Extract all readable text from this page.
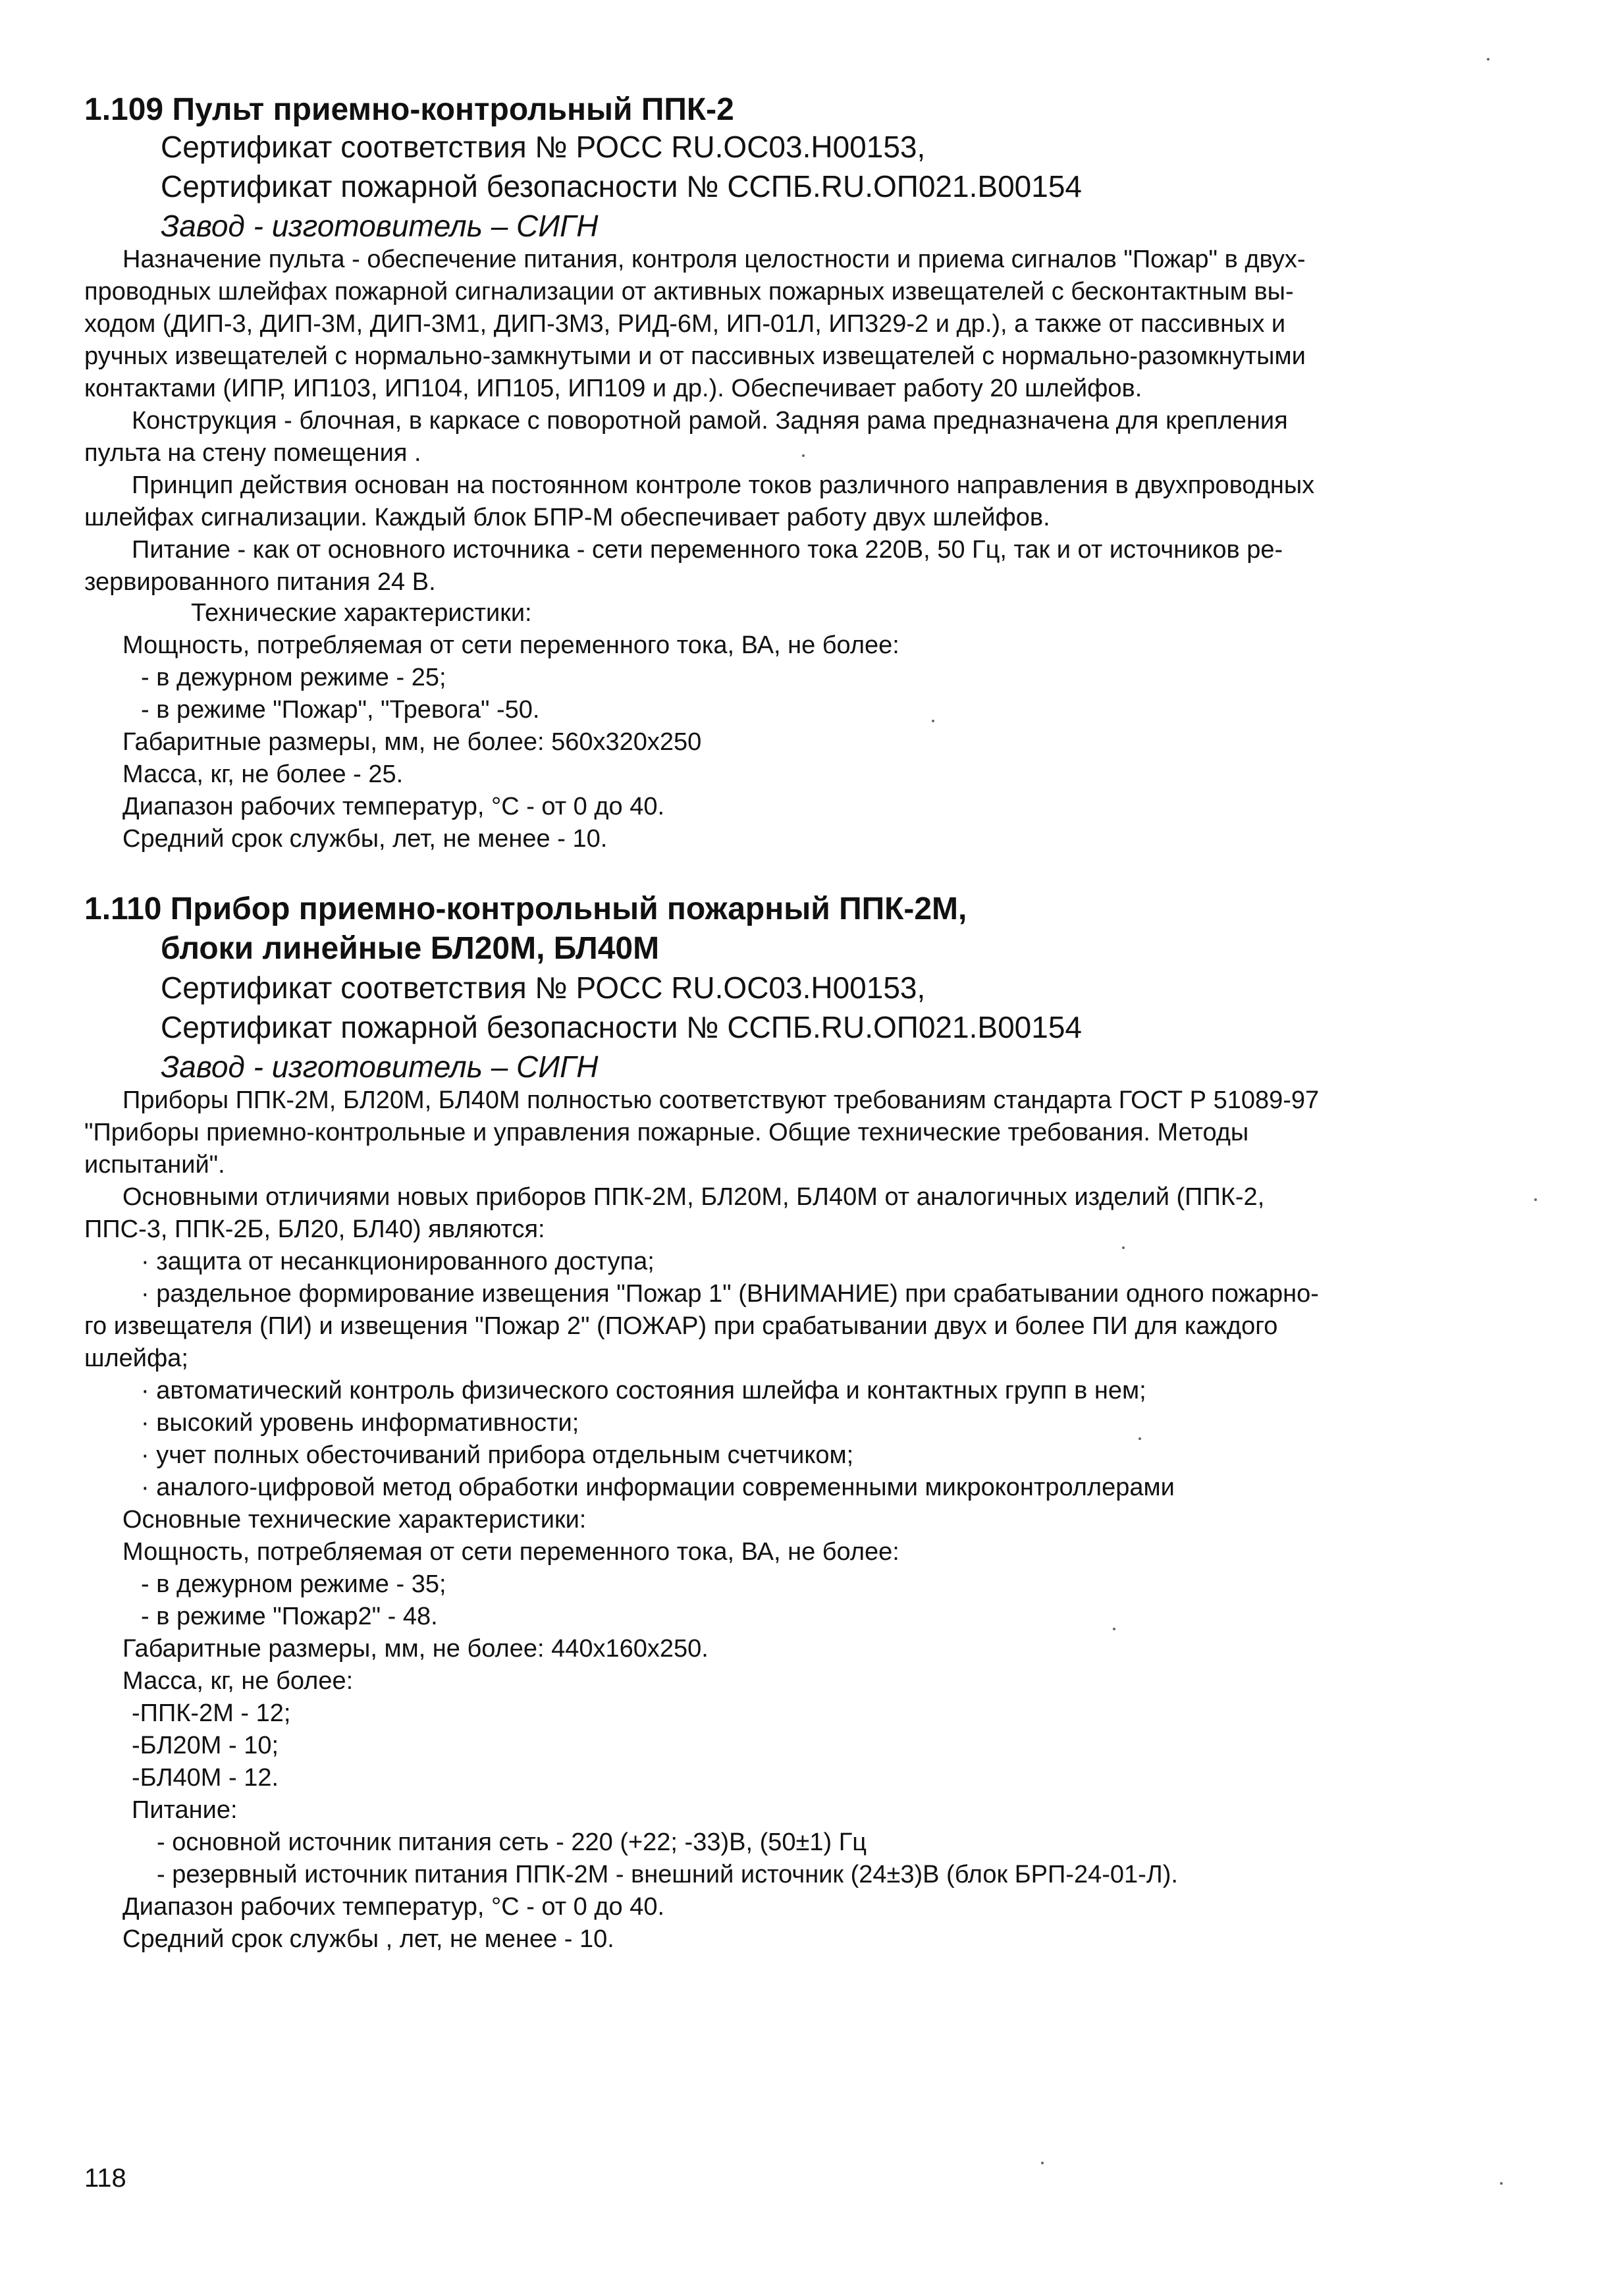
1.109 Пульт приемно-контрольный ППК-2
Сертификат соответствия № РОСС RU.OC03.H00153,
Сертификат пожарной безопасности № ССПБ.RU.ОП021.В00154
Завод - изготовитель – СИГН
Назначение пульта - обеспечение питания, контроля целостности и приема сигналов "Пожар" в двух-
проводных шлейфах пожарной сигнализации от активных пожарных извещателей с бесконтактным вы-
ходом (ДИП-3, ДИП-3М, ДИП-3М1, ДИП-3М3, РИД-6М, ИП-01Л, ИП329-2 и др.), а также от пассивных и
ручных извещателей с нормально-замкнутыми и от пассивных извещателей с нормально-разомкнутыми
контактами (ИПР, ИП103, ИП104, ИП105, ИП109 и др.). Обеспечивает работу 20 шлейфов.
Конструкция - блочная, в каркасе с поворотной рамой. Задняя рама предназначена для крепления
пульта на стену помещения .
Принцип действия основан на постоянном контроле токов различного направления в двухпроводных
шлейфах сигнализации. Каждый блок БПР-М обеспечивает работу двух шлейфов.
Питание - как от основного источника - сети переменного тока 220В, 50 Гц, так и от источников ре-
зервированного питания 24 В.
Технические характеристики:
Мощность, потребляемая от сети переменного тока, ВА, не более:
- в дежурном режиме - 25;
- в режиме "Пожар", "Тревога" -50.
Габаритные размеры, мм, не более: 560х320х250
Масса, кг, не более - 25.
Диапазон рабочих температур, °С - от 0 до 40.
Средний срок службы, лет, не менее - 10.
1.110 Прибор приемно-контрольный пожарный ППК-2М,
блоки линейные БЛ20М, БЛ40М
Сертификат соответствия № РОСС RU.OC03.H00153,
Сертификат пожарной безопасности № ССПБ.RU.ОП021.В00154
Завод - изготовитель – СИГН
Приборы ППК-2М, БЛ20М, БЛ40М полностью соответствуют требованиям стандарта ГОСТ Р 51089-97
"Приборы приемно-контрольные и управления пожарные. Общие технические требования. Методы
испытаний".
Основными отличиями новых приборов ППК-2М, БЛ20М, БЛ40М от аналогичных изделий (ППК-2,
ППС-3, ППК-2Б, БЛ20, БЛ40) являются:
· защита от несанкционированного доступа;
· раздельное формирование извещения "Пожар 1" (ВНИМАНИЕ) при срабатывании одного пожарно-
го извещателя (ПИ) и извещения "Пожар 2" (ПОЖАР) при срабатывании двух и более ПИ для каждого
шлейфа;
· автоматический контроль физического состояния шлейфа и контактных групп в нем;
· высокий уровень информативности;
· учет полных обесточиваний прибора отдельным счетчиком;
· аналого-цифровой метод обработки информации современными микроконтроллерами
Основные технические характеристики:
Мощность, потребляемая от сети переменного тока, ВА, не более:
- в дежурном режиме - 35;
- в режиме "Пожар2" - 48.
Габаритные размеры, мм, не более: 440х160х250.
Масса, кг, не более:
-ППК-2М - 12;
-БЛ20М - 10;
-БЛ40М - 12.
Питание:
- основной источник питания сеть - 220 (+22; -33)В, (50±1) Гц
- резервный источник питания ППК-2М - внешний источник (24±3)В (блок БРП-24-01-Л).
Диапазон рабочих температур, °С - от 0 до 40.
Средний срок службы , лет, не менее - 10.
118
